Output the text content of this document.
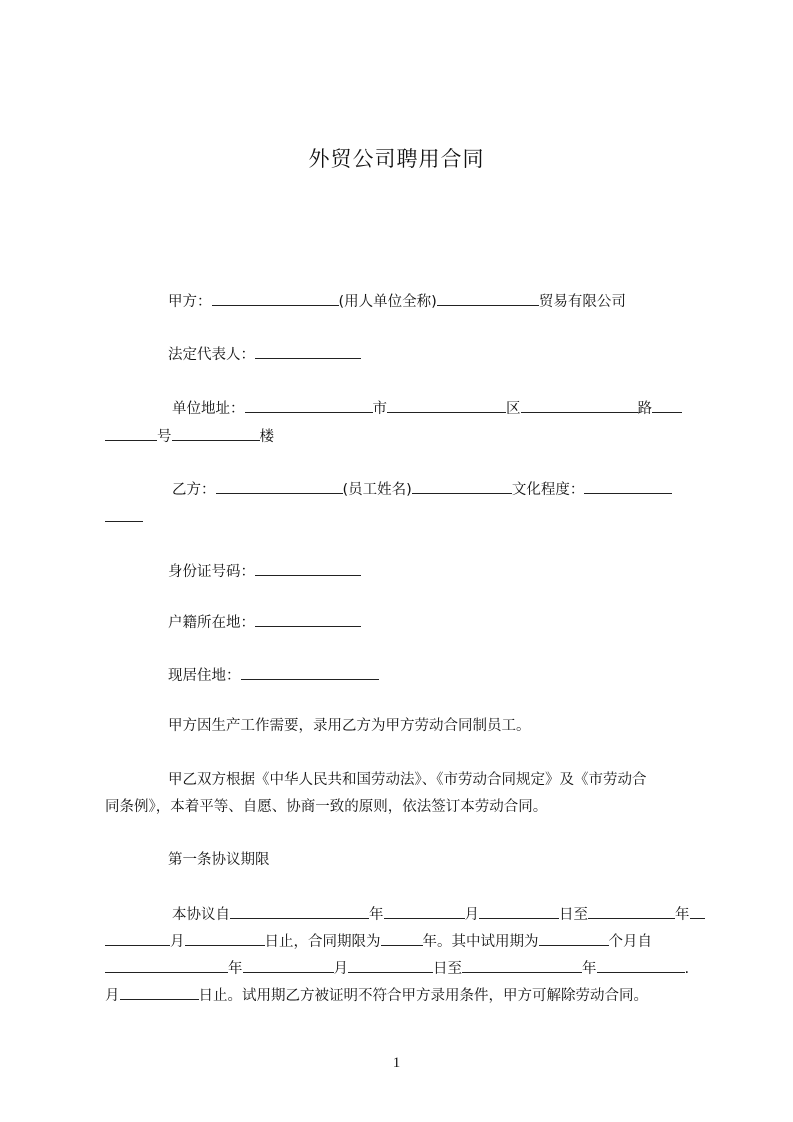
外贸公司聘用合同
甲方：	(用人单位全称)	贸易有限公司
法定代表人：
单位地址：	市	区	路
号	楼
乙方：	(员工姓名)	文化程度：
身份证号码：
户籍所在地：
现居住地：
甲方因生产工作需要，录用乙方为甲方劳动合同制员工。
甲乙双方根据《中华人民共和国劳动法》、《市劳动合同规定》及《市劳动合
同条例》，本着平等、自愿、协商一致的原则，依法签订本劳动合同。
第一条协议期限
本协议自	年	月	日至	年
月	日止，合同期限为	年。其中试用期为	个月自
年	月	日至	年	.
月	日止。试用期乙方被证明不符合甲方录用条件，甲方可解除劳动合同。
1
